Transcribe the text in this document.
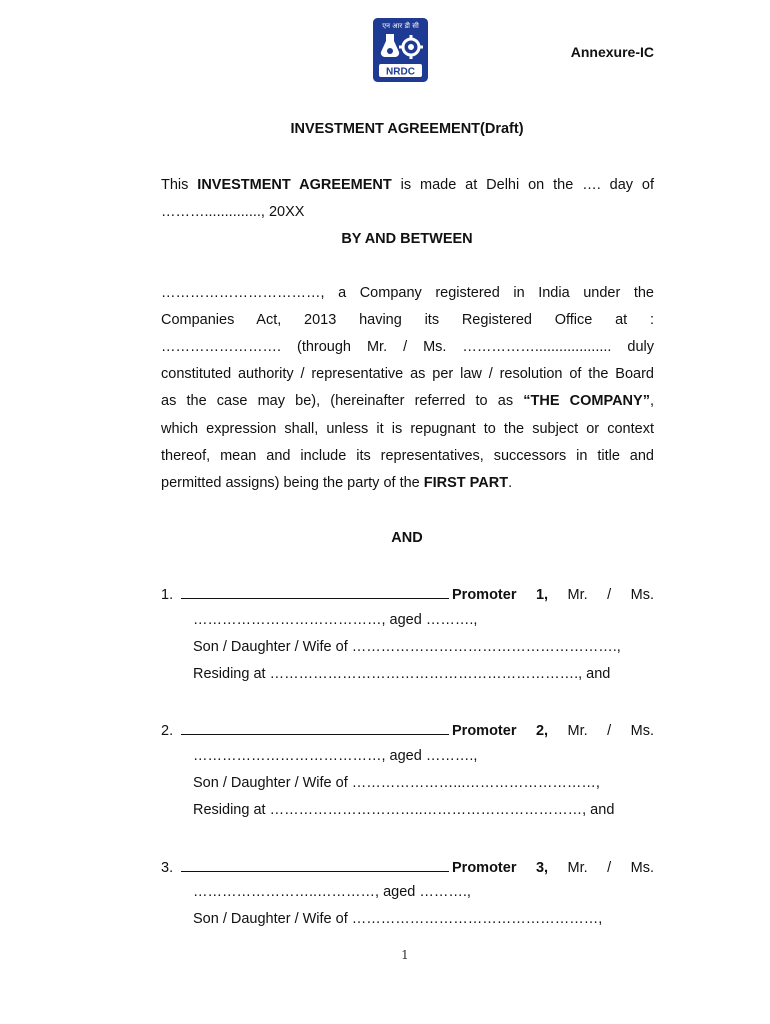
एन आर डी सी
NRDC
Annexure-IC
INVESTMENT AGREEMENT(Draft)
This INVESTMENT AGREEMENT is made at Delhi on the …. day of
……….............., 20XX
BY AND BETWEEN
……………………………, a Company registered in India under the
Companies Act, 2013 having its Registered Office at :
……………………. (through Mr. / Ms. ……………................... duly
constituted authority / representative as per law / resolution of the Board
as the case may be), (hereinafter referred to as “THE COMPANY”,
which expression shall, unless it is repugnant to the subject or context
thereof, mean and include its representatives, successors in title and
permitted assigns) being the party of the FIRST PART.
AND
1.	Promoter 1, Mr. / Ms.
…………………………………, aged ……….,
Son / Daughter / Wife of ……………………………………………….,
Residing at ………………………………………………………., and
2.	Promoter 2, Mr. / Ms.
…………………………………, aged ……….,
Son / Daughter / Wife of …………………...………………………,
Residing at …………………………..……………………………, and
3.	Promoter 3, Mr. / Ms.
……………………..…………, aged ……….,
Son / Daughter / Wife of ……………………………………………,
1
